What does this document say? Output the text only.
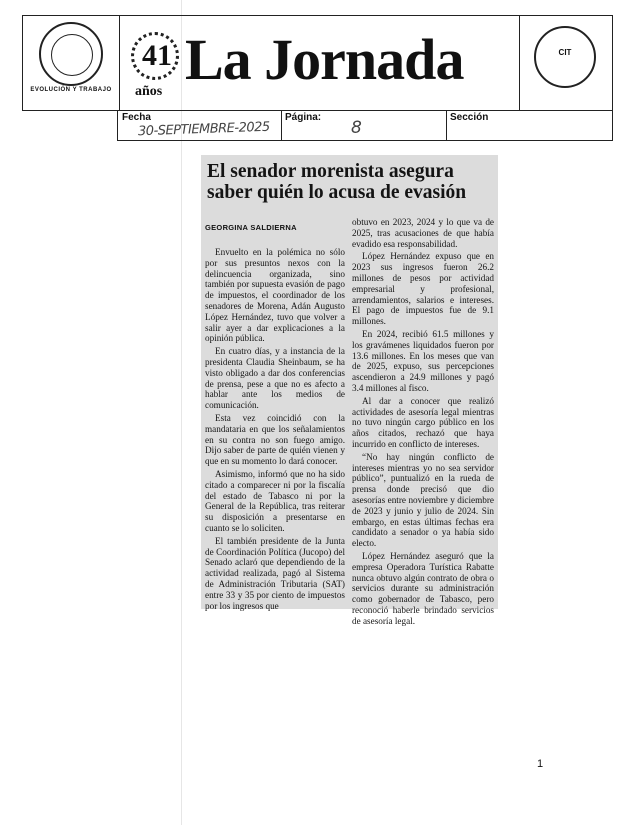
EVOLUCIÓN Y TRABAJO
41
años La Jornada	CIT
Fecha
30-SEPTIEMBRE-2025
Página:
8
Sección
El senador morenista asegura saber quién lo acusa de evasión
GEORGINA SALDIERNA

Envuelto en la polémica no sólo por sus presuntos nexos con la delincuencia organizada, sino también por supuesta evasión de pago de impuestos, el coordinador de los senadores de Morena, Adán Augusto López Hernández, tuvo que volver a salir ayer a dar explicaciones a la opinión pública.

En cuatro días, y a instancia de la presidenta Claudia Sheinbaum, se ha visto obligado a dar dos conferencias de prensa, pese a que no es afecto a hablar ante los medios de comunicación.

Esta vez coincidió con la mandataria en que los señalamientos en su contra no son fuego amigo. Dijo saber de parte de quién vienen y que en su momento lo dará conocer.

Asimismo, informó que no ha sido citado a comparecer ni por la fiscalía del estado de Tabasco ni por la General de la República, tras reiterar su disposición a presentarse en cuanto se lo soliciten.

El también presidente de la Junta de Coordinación Política (Jucopo) del Senado aclaró que dependiendo de la actividad realizada, pagó al Sistema de Administración Tributaria (SAT) entre 33 y 35 por ciento de impuestos por los ingresos que

obtuvo en 2023, 2024 y lo que va de 2025, tras acusaciones de que había evadido esa responsabilidad.

López Hernández expuso que en 2023 sus ingresos fueron 26.2 millones de pesos por actividad empresarial y profesional, arrendamientos, salarios e intereses. El pago de impuestos fue de 9.1 millones.

En 2024, recibió 61.5 millones y los gravámenes liquidados fueron por 13.6 millones. En los meses que van de 2025, expuso, sus percepciones ascendieron a 24.9 millones y pagó 3.4 millones al fisco.

Al dar a conocer que realizó actividades de asesoría legal mientras no tuvo ningún cargo público en los años citados, rechazó que haya incurrido en conflicto de intereses.

“No hay ningún conflicto de intereses mientras yo no sea servidor público”, puntualizó en la rueda de prensa donde precisó que dio asesorías entre noviembre y diciembre de 2023 y junio y julio de 2024. Sin embargo, en estas últimas fechas era candidato a senador o ya había sido electo.

López Hernández aseguró que la empresa Operadora Turística Rabatte nunca obtuvo algún contrato de obra o servicios durante su administración como gobernador de Tabasco, pero reconoció haberle brindado servicios de asesoría legal.

1
